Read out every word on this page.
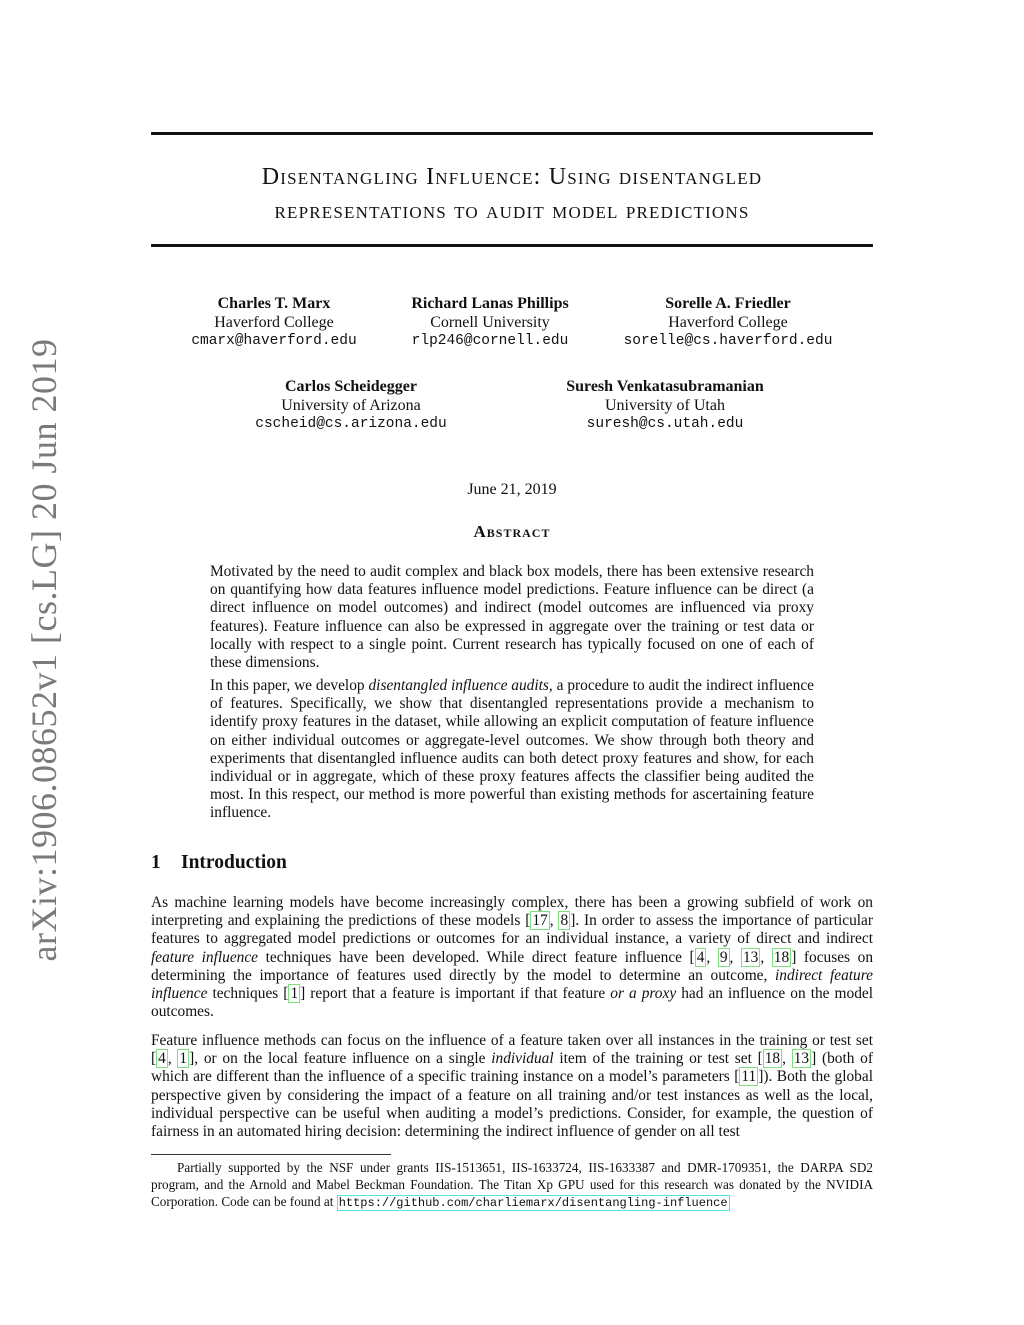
arXiv:1906.08652v1 [cs.LG] 20 Jun 2019
Disentangling Influence: Using disentangled
representations to audit model predictions
Charles T. Marx
Haverford College
cmarx@haverford.edu
Richard Lanas Phillips
Cornell University
rlp246@cornell.edu
Sorelle A. Friedler
Haverford College
sorelle@cs.haverford.edu
Carlos Scheidegger
University of Arizona
cscheid@cs.arizona.edu
Suresh Venkatasubramanian
University of Utah
suresh@cs.utah.edu
June 21, 2019
Abstract
Motivated by the need to audit complex and black box models, there has been extensive research on quantifying how data features influence model predictions. Feature influence can be direct (a direct influence on model outcomes) and indirect (model outcomes are influenced via proxy features). Feature influence can also be expressed in aggregate over the training or test data or locally with respect to a single point. Current research has typically focused on one of each of these dimensions.
In this paper, we develop disentangled influence audits, a procedure to audit the indirect influence of features. Specifically, we show that disentangled representations provide a mechanism to identify proxy features in the dataset, while allowing an explicit computation of feature influence on either individual outcomes or aggregate-level outcomes. We show through both theory and experiments that disentangled influence audits can both detect proxy features and show, for each individual or in aggregate, which of these proxy features affects the classifier being audited the most. In this respect, our method is more powerful than existing methods for ascertaining feature influence.
1 Introduction
As machine learning models have become increasingly complex, there has been a growing subfield of work on interpreting and explaining the predictions of these models [ 17 , 8 ]. In order to assess the importance of particular features to aggregated model predictions or outcomes for an individual instance, a variety of direct and indirect feature influence techniques have been developed. While direct feature influence [ 4 , 9 , 13 , 18 ] focuses on determining the importance of features used directly by the model to determine an outcome, indirect feature influence techniques [ 1 ] report that a feature is important if that feature or a proxy had an influence on the model outcomes.
Feature influence methods can focus on the influence of a feature taken over all instances in the training or test set [ 4 , 1 ], or on the local feature influence on a single individual item of the training or test set [ 18 , 13 ] (both of which are different than the influence of a specific training instance on a model’s parameters [ 11 ]). Both the global perspective given by considering the impact of a feature on all training and/or test instances as well as the local, individual perspective can be useful when auditing a model’s predictions. Consider, for example, the question of fairness in an automated hiring decision: determining the indirect influence of gender on all test
Partially supported by the NSF under grants IIS-1513651, IIS-1633724, IIS-1633387 and DMR-1709351, the DARPA SD2 program, and the Arnold and Mabel Beckman Foundation. The Titan Xp GPU used for this research was donated by the NVIDIA Corporation. Code can be found at https://github.com/charliemarx/disentangling-influence
